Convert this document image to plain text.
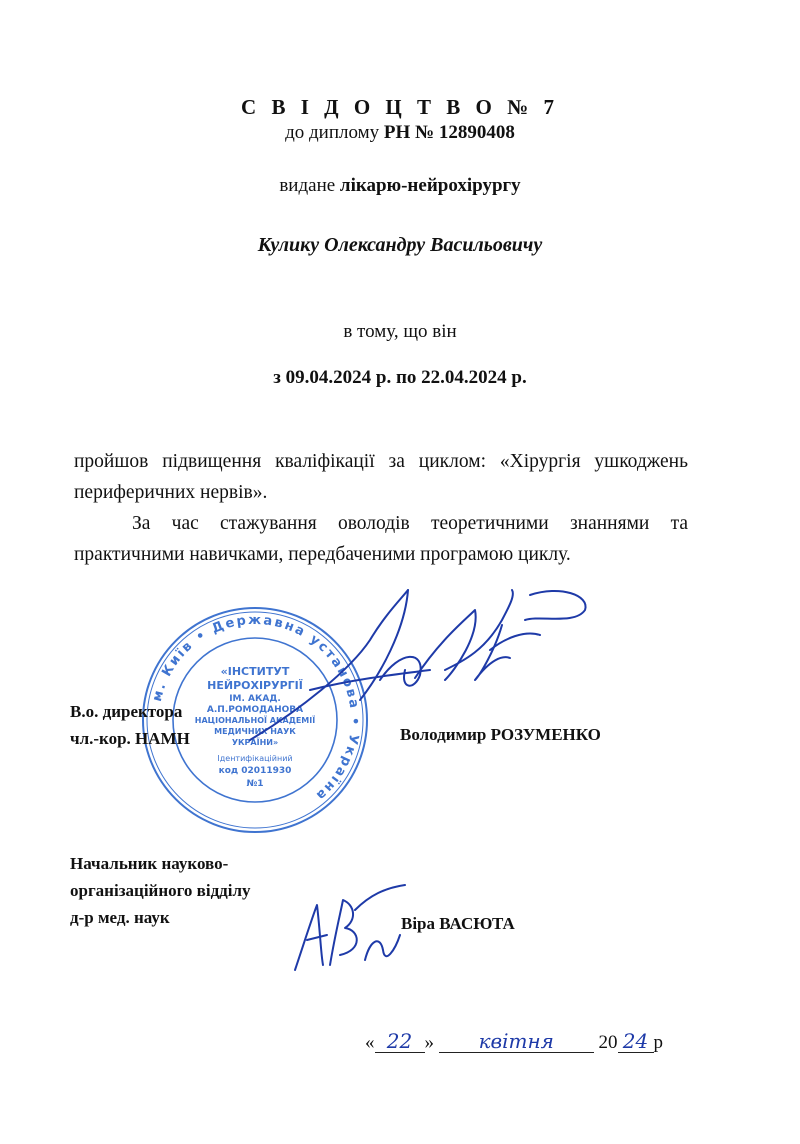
С В І Д О Ц Т В О № 7
до диплому РН № 12890408
видане лікарю-нейрохірургу
Кулику Олександру Васильовичу
в тому, що він
з 09.04.2024 р. по 22.04.2024 р.
пройшов підвищення кваліфікації за циклом: «Хірургія ушкоджень периферичних нервів».
За час стажування оволодів теоретичними знаннями та практичними навичками, передбаченими програмою циклу.
м. Київ • Державна установа • Україна
«ІНСТИТУТ
НЕЙРОХІРУРГІЇ
ІМ. АКАД.
А.П.РОМОДАНОВА
НАЦІОНАЛЬНОЇ АКАДЕМІЇ
МЕДИЧНИХ НАУК
УКРАЇНИ»
Ідентифікаційний
код 02011930
№1
В.о. директора
чл.-кор. НАМН	Володимир РОЗУМЕНКО
Начальник науково-
організаційного відділу
д-р мед. наук	Віра ВАСЮТА
« 22 » квітня 20 24 р
